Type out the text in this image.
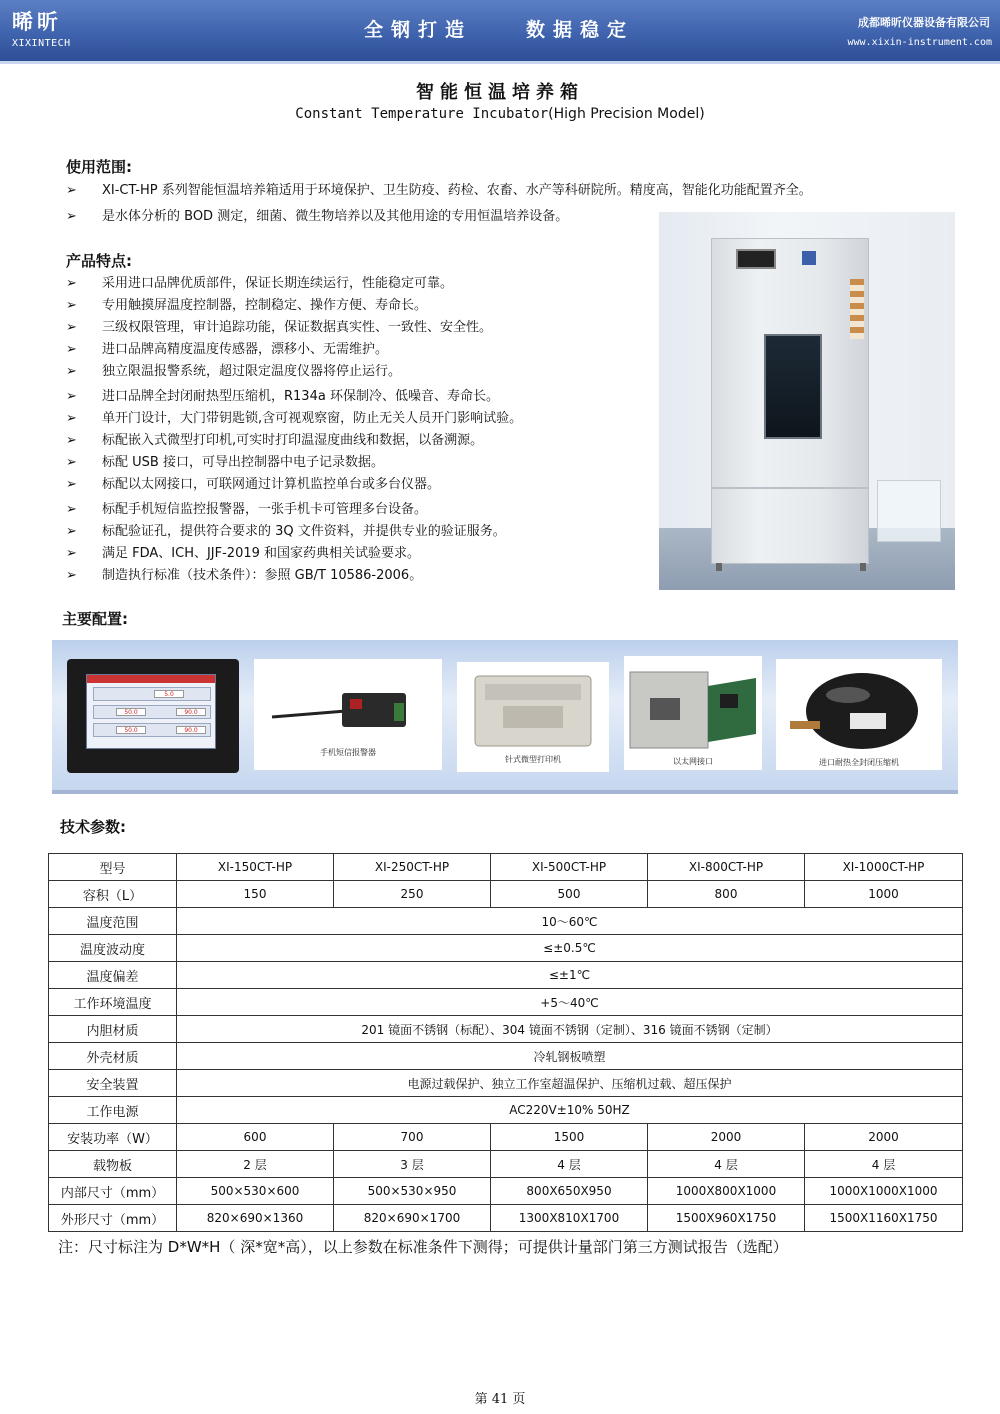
晞昕
XIXINTECH
全钢打造	数据稳定	成都晞昕仪器设备有限公司
www.xixin-instrument.com
智能恒温培养箱
Constant Temperature Incubator(High Precision Model)
使用范围:
➢ XI-CT-HP 系列智能恒温培养箱适用于环境保护、卫生防疫、药检、农畜、水产等科研院所。精度高，智能化功能配置齐全。
➢ 是水体分析的 BOD 测定，细菌、微生物培养以及其他用途的专用恒温培养设备。
产品特点:
➢ 采用进口品牌优质部件，保证长期连续运行，性能稳定可靠。
➢ 专用触摸屏温度控制器，控制稳定、操作方便、寿命长。
➢ 三级权限管理，审计追踪功能，保证数据真实性、一致性、安全性。
➢ 进口品牌高精度温度传感器，漂移小、无需维护。
➢ 独立限温报警系统，超过限定温度仪器将停止运行。
➢ 进口品牌全封闭耐热型压缩机，R134a 环保制冷、低噪音、寿命长。
➢ 单开门设计，大门带钥匙锁,含可视观察窗，防止无关人员开门影响试验。
➢ 标配嵌入式微型打印机,可实时打印温湿度曲线和数据，以备溯源。
➢ 标配 USB 接口，可导出控制器中电子记录数据。
➢ 标配以太网接口，可联网通过计算机监控单台或多台仪器。
➢ 标配手机短信监控报警器，一张手机卡可管理多台设备。
➢ 标配验证孔，提供符合要求的 3Q 文件资料，并提供专业的验证服务。
➢ 满足 FDA、ICH、JJF-2019 和国家药典相关试验要求。
➢ 制造执行标准（技术条件）：参照 GB/T 10586-2006。
主要配置:
5.0
50.0	90.0
50.0	90.0
手机短信报警器
针式微型打印机	以太网接口	进口耐热全封闭压缩机
技术参数:
型号	XI-150CT-HP	XI-250CT-HP	XI-500CT-HP	XI-800CT-HP	XI-1000CT-HP
容积（L）	150	250	500	800	1000
温度范围	10～60℃				
温度波动度	≤±0.5℃				
温度偏差	≤±1℃				
工作环境温度	+5～40℃				
内胆材质	201 镜面不锈钢（标配）、304 镜面不锈钢（定制）、316 镜面不锈钢（定制）				
外壳材质	冷轧钢板喷塑				
安全装置	电源过载保护、独立工作室超温保护、压缩机过载、超压保护				
工作电源	AC220V±10% 50HZ				
安装功率（W）	600	700	1500	2000	2000
载物板	2 层	3 层	4 层	4 层	4 层
内部尺寸（mm）	500×530×600	500×530×950	800X650X950	1000X800X1000	1000X1000X1000
外形尺寸（mm）	820×690×1360	820×690×1700	1300X810X1700	1500X960X1750	1500X1160X1750
注：尺寸标注为 D*W*H（ 深*宽*高），以上参数在标准条件下测得；可提供计量部门第三方测试报告（选配）
第 41 页
